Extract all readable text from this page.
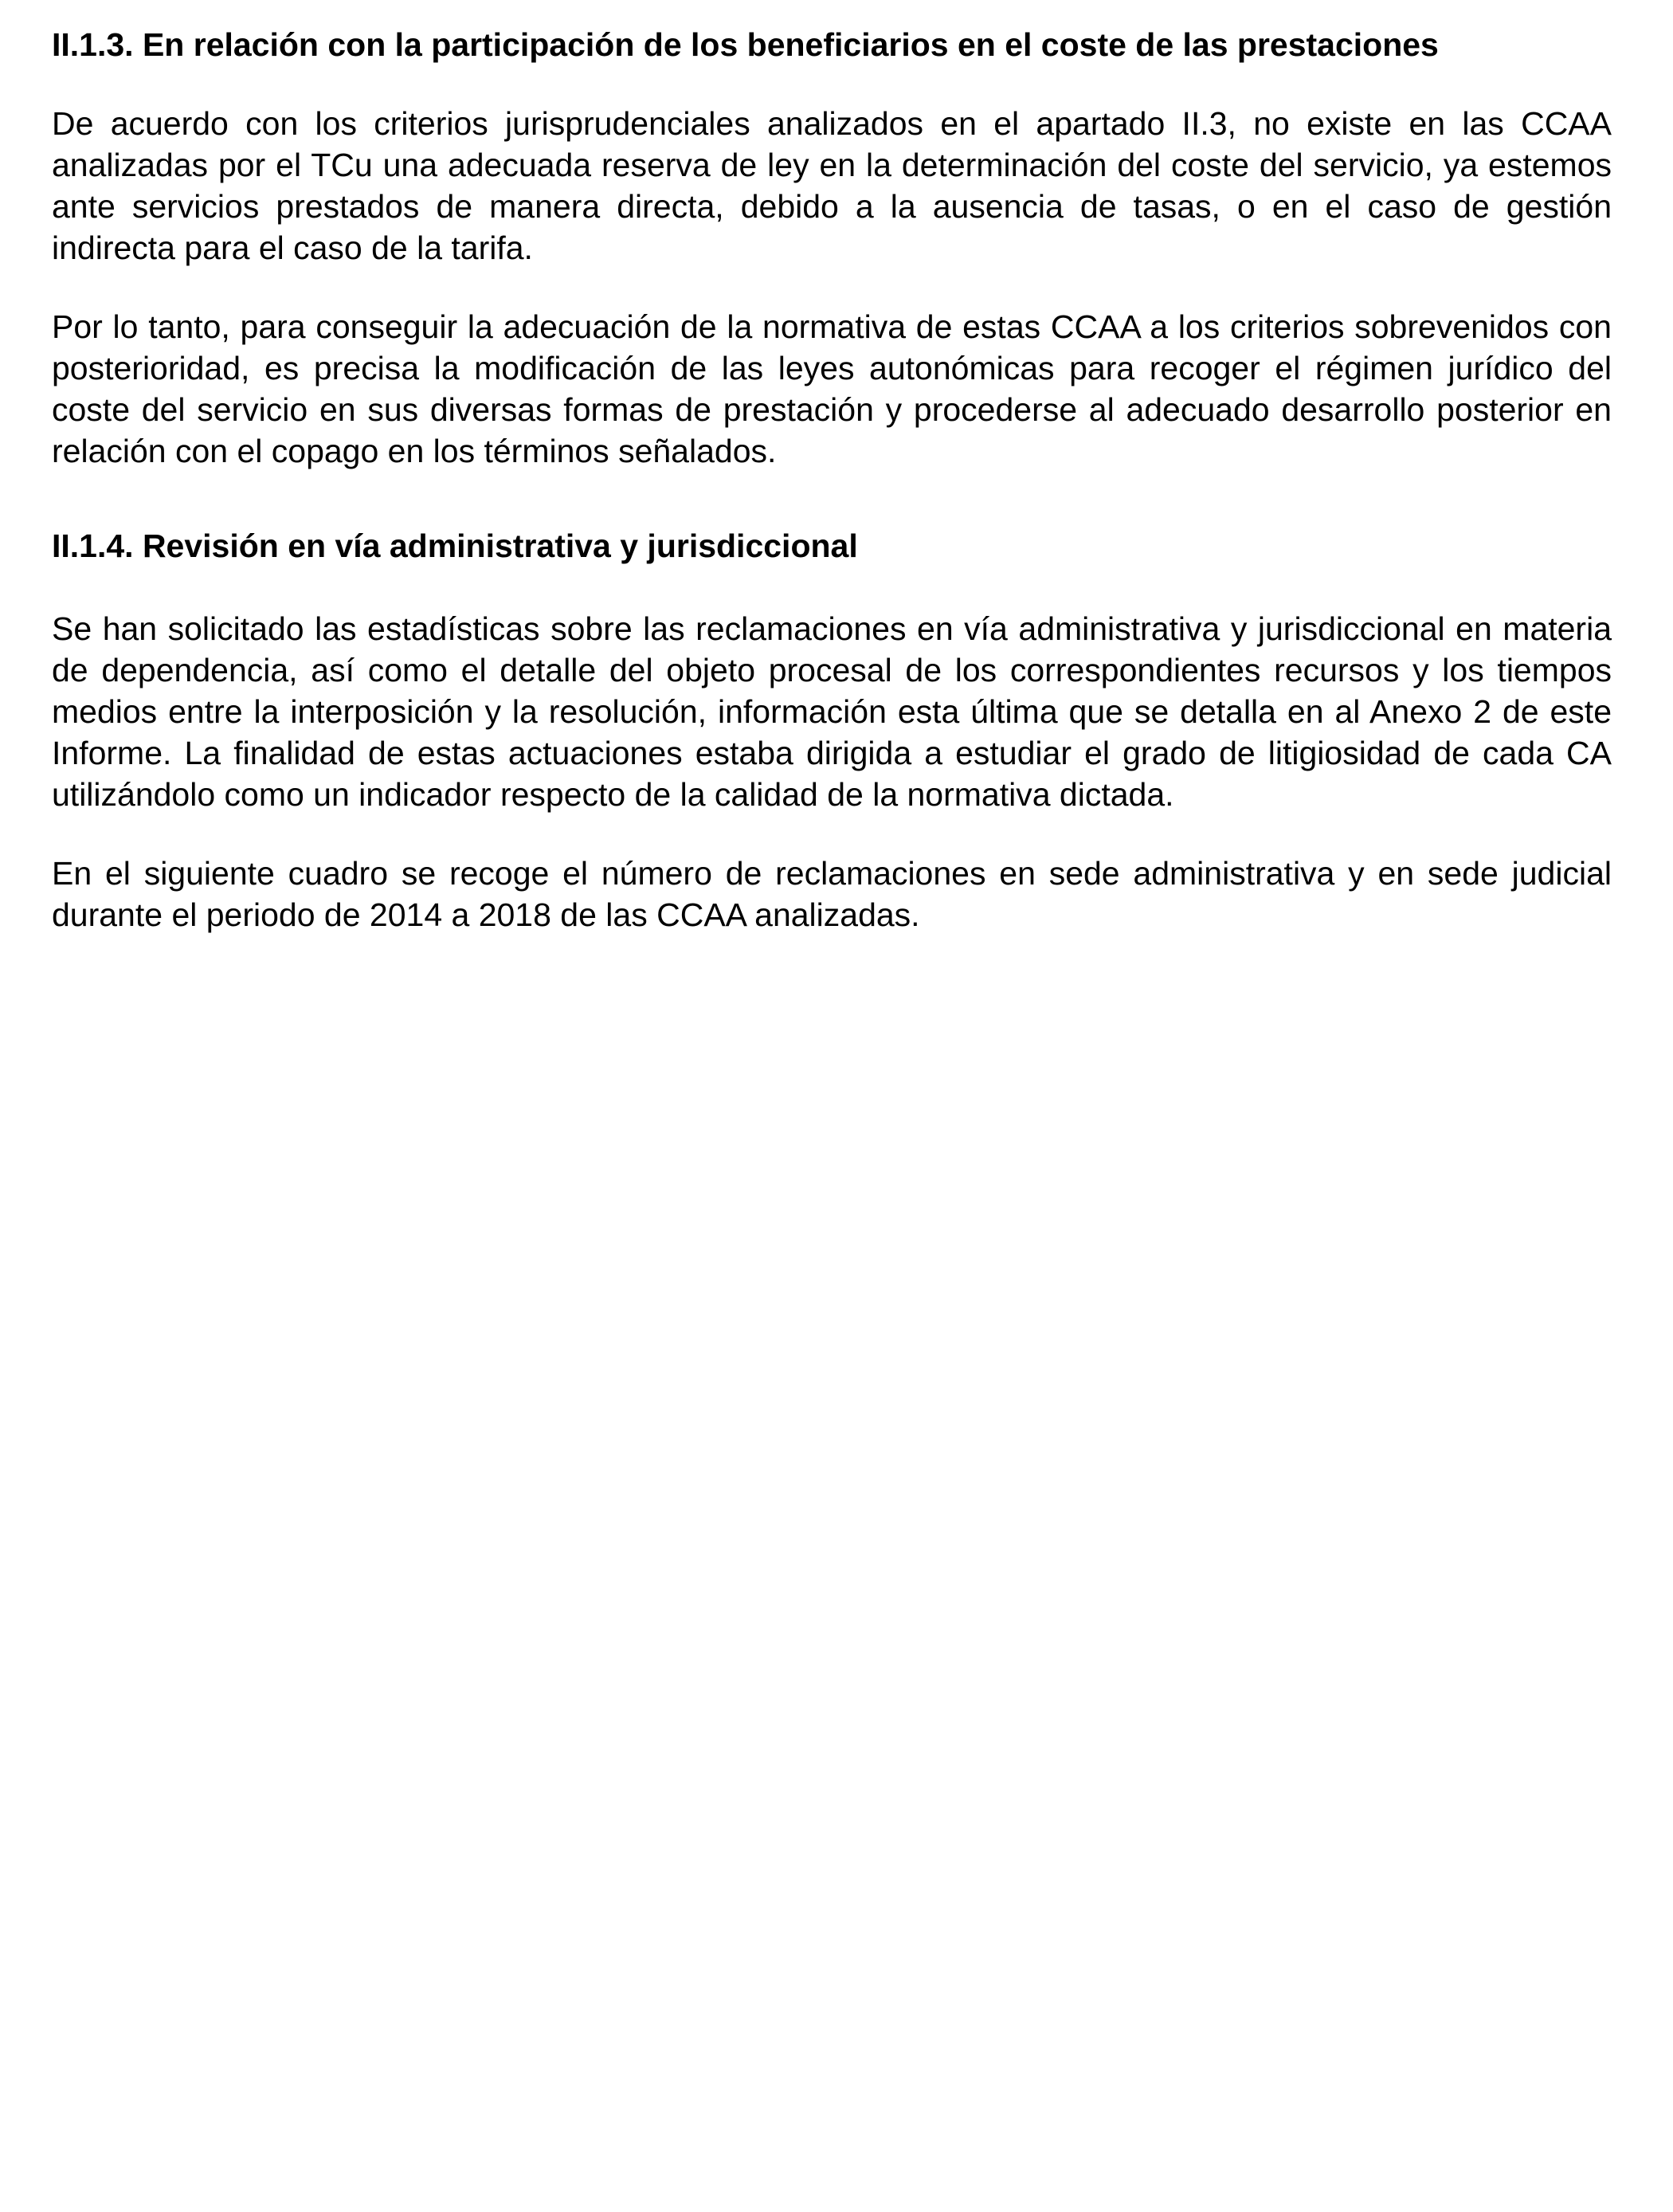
II.1.3. En relación con la participación de los beneficiarios en el coste de las prestaciones

De acuerdo con los criterios jurisprudenciales analizados en el apartado II.3, no existe en las CCAA analizadas por el TCu una adecuada reserva de ley en la determinación del coste del servicio, ya estemos ante servicios prestados de manera directa, debido a la ausencia de tasas, o en el caso de gestión indirecta para el caso de la tarifa.

Por lo tanto, para conseguir la adecuación de la normativa de estas CCAA a los criterios sobrevenidos con posterioridad, es precisa la modificación de las leyes autonómicas para recoger el régimen jurídico del coste del servicio en sus diversas formas de prestación y procederse al adecuado desarrollo posterior en relación con el copago en los términos señalados.

II.1.4. Revisión en vía administrativa y jurisdiccional

Se han solicitado las estadísticas sobre las reclamaciones en vía administrativa y jurisdiccional en materia de dependencia, así como el detalle del objeto procesal de los correspondientes recursos y los tiempos medios entre la interposición y la resolución, información esta última que se detalla en al Anexo 2 de este Informe. La finalidad de estas actuaciones estaba dirigida a estudiar el grado de litigiosidad de cada CA utilizándolo como un indicador respecto de la calidad de la normativa dictada.

En el siguiente cuadro se recoge el número de reclamaciones en sede administrativa y en sede judicial durante el periodo de 2014 a 2018 de las CCAA analizadas.
